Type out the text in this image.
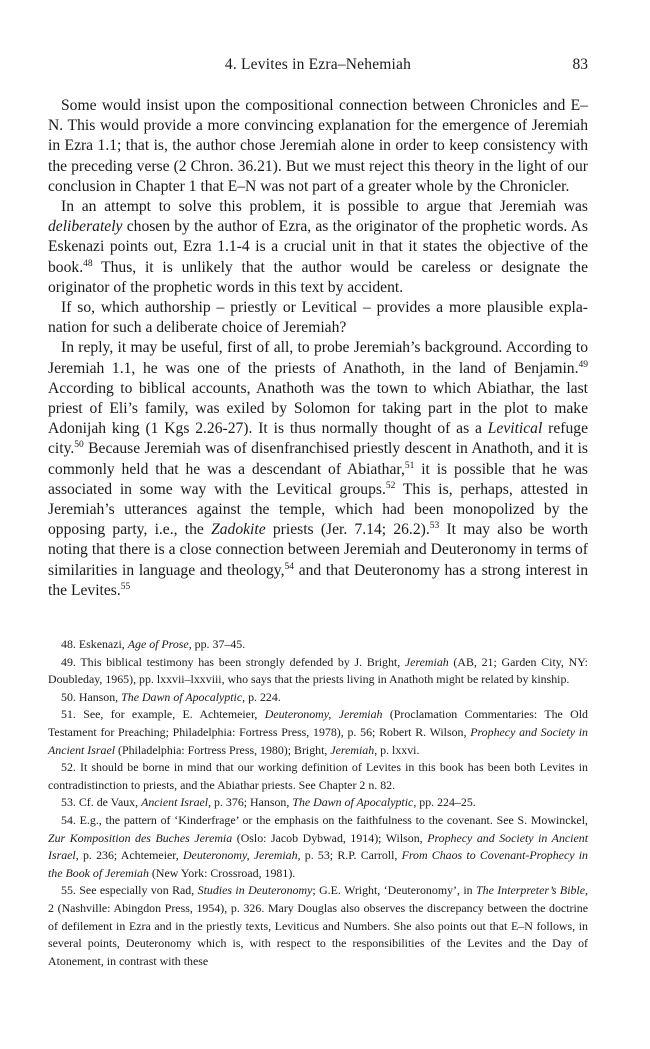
4. Levites in Ezra–Nehemiah	83

Some would insist upon the compositional connection between Chronicles and E–N. This would provide a more convincing explanation for the emergence of Jeremiah in Ezra 1.1; that is, the author chose Jeremiah alone in order to keep consistency with the preceding verse (2 Chron. 36.21). But we must reject this theory in the light of our conclusion in Chapter 1 that E–N was not part of a greater whole by the Chronicler.

In an attempt to solve this problem, it is possible to argue that Jeremiah was deliberately chosen by the author of Ezra, as the originator of the prophetic words. As Eskenazi points out, Ezra 1.1-4 is a crucial unit in that it states the objective of the book.$^{48}$ Thus, it is unlikely that the author would be careless or designate the originator of the prophetic words in this text by accident.

If so, which authorship – priestly or Levitical – provides a more plausible explanation for such a deliberate choice of Jeremiah?

In reply, it may be useful, first of all, to probe Jeremiah’s background. According to Jeremiah 1.1, he was one of the priests of Anathoth, in the land of Benjamin.$^{49}$ According to biblical accounts, Anathoth was the town to which Abiathar, the last priest of Eli’s family, was exiled by Solomon for taking part in the plot to make Adonijah king (1 Kgs 2.26-27). It is thus normally thought of as a Levitical refuge city.$^{50}$ Because Jeremiah was of disenfranchised priestly descent in Anathoth, and it is commonly held that he was a descendant of Abiathar,$^{51}$ it is possible that he was associated in some way with the Levitical groups.$^{52}$ This is, perhaps, attested in Jeremiah’s utterances against the temple, which had been monopolized by the opposing party, i.e., the Zadokite priests (Jer. 7.14; 26.2).$^{53}$ It may also be worth noting that there is a close connection between Jeremiah and Deuteronomy in terms of similarities in language and theology,$^{54}$ and that Deuteronomy has a strong interest in the Levites.$^{55}$

48. Eskenazi, Age of Prose, pp. 37–45.

49. This biblical testimony has been strongly defended by J. Bright, Jeremiah (AB, 21; Garden City, NY: Doubleday, 1965), pp. lxxvii–lxxviii, who says that the priests living in Anathoth might be related by kinship.

50. Hanson, The Dawn of Apocalyptic, p. 224.

51. See, for example, E. Achtemeier, Deuteronomy, Jeremiah (Proclamation Commentaries: The Old Testament for Preaching; Philadelphia: Fortress Press, 1978), p. 56; Robert R. Wilson, Prophecy and Society in Ancient Israel (Philadelphia: Fortress Press, 1980); Bright, Jeremiah, p. lxxvi.

52. It should be borne in mind that our working definition of Levites in this book has been both Levites in contradistinction to priests, and the Abiathar priests. See Chapter 2 n. 82.

53. Cf. de Vaux, Ancient Israel, p. 376; Hanson, The Dawn of Apocalyptic, pp. 224–25.

54. E.g., the pattern of ‘Kinderfrage’ or the emphasis on the faithfulness to the covenant. See S. Mowinckel, Zur Komposition des Buches Jeremia (Oslo: Jacob Dybwad, 1914); Wilson, Prophecy and Society in Ancient Israel, p. 236; Achtemeier, Deuteronomy, Jeremiah, p. 53; R.P. Carroll, From Chaos to Covenant-Prophecy in the Book of Jeremiah (New York: Crossroad, 1981).

55. See especially von Rad, Studies in Deuteronomy; G.E. Wright, ‘Deuteronomy’, in The Interpreter’s Bible, 2 (Nashville: Abingdon Press, 1954), p. 326. Mary Douglas also observes the discrepancy between the doctrine of defilement in Ezra and in the priestly texts, Leviticus and Numbers. She also points out that E–N follows, in several points, Deuteronomy which is, with respect to the responsibilities of the Levites and the Day of Atonement, in contrast with these
